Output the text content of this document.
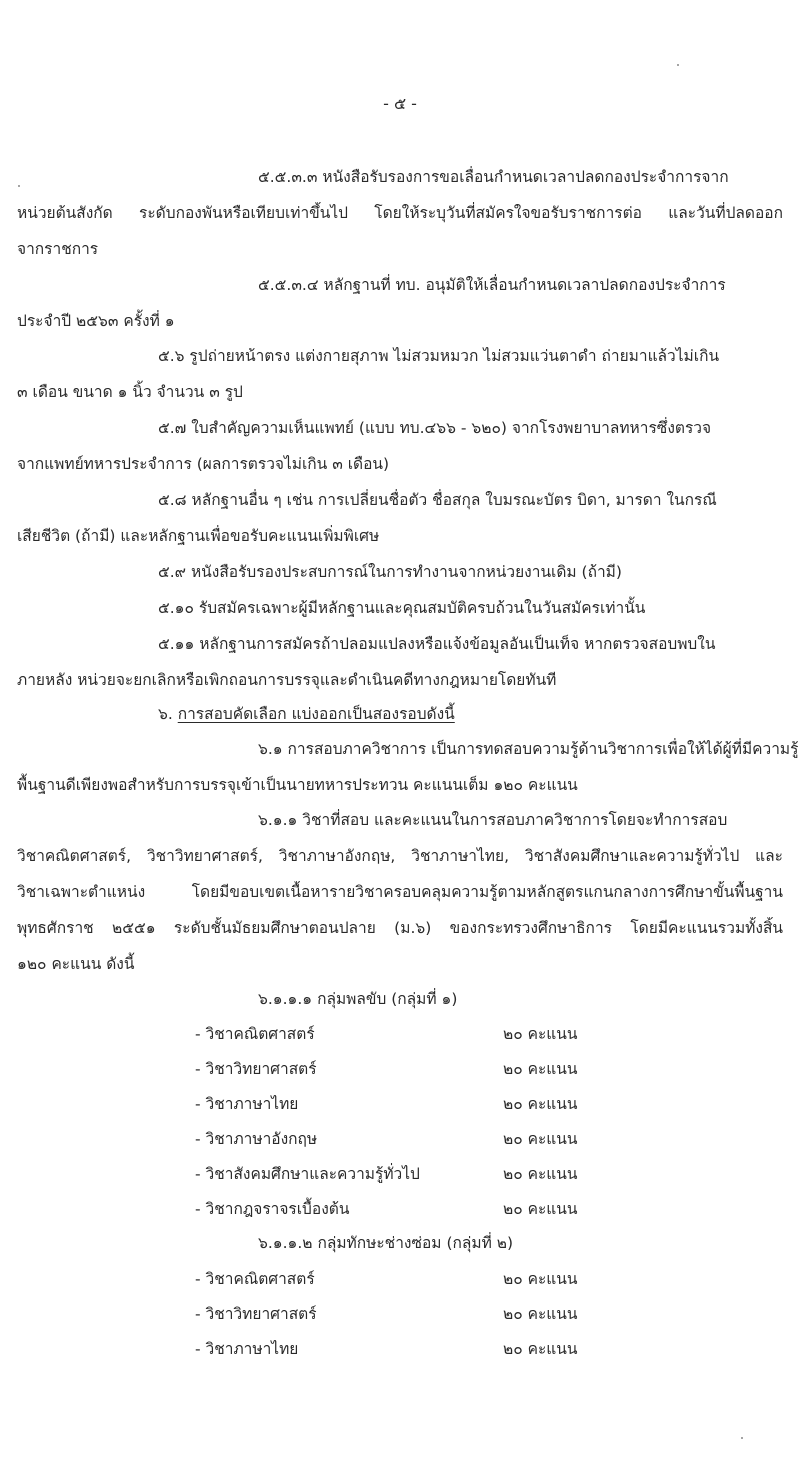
- ๕ -
๕.๕.๓.๓ หนังสือรับรองการขอเลื่อนกำหนดเวลาปลดกองประจำการจาก
หน่วยต้นสังกัด ระดับกองพันหรือเทียบเท่าขึ้นไป โดยให้ระบุวันที่สมัครใจขอรับราชการต่อ และวันที่ปลดออก
จากราชการ
๕.๕.๓.๔ หลักฐานที่ ทบ. อนุมัติให้เลื่อนกำหนดเวลาปลดกองประจำการ
ประจำปี ๒๕๖๓ ครั้งที่ ๑
๕.๖ รูปถ่ายหน้าตรง แต่งกายสุภาพ ไม่สวมหมวก ไม่สวมแว่นตาดำ ถ่ายมาแล้วไม่เกิน
๓ เดือน ขนาด ๑ นิ้ว จำนวน ๓ รูป
๕.๗ ใบสำคัญความเห็นแพทย์ (แบบ ทบ.๔๖๖ - ๖๒๐) จากโรงพยาบาลทหารซึ่งตรวจ
จากแพทย์ทหารประจำการ (ผลการตรวจไม่เกิน ๓ เดือน)
๕.๘ หลักฐานอื่น ๆ เช่น การเปลี่ยนชื่อตัว ชื่อสกุล ใบมรณะบัตร บิดา, มารดา ในกรณี
เสียชีวิต (ถ้ามี) และหลักฐานเพื่อขอรับคะแนนเพิ่มพิเศษ
๕.๙ หนังสือรับรองประสบการณ์ในการทำงานจากหน่วยงานเดิม (ถ้ามี)
๕.๑๐ รับสมัครเฉพาะผู้มีหลักฐานและคุณสมบัติครบถ้วนในวันสมัครเท่านั้น
๕.๑๑ หลักฐานการสมัครถ้าปลอมแปลงหรือแจ้งข้อมูลอันเป็นเท็จ หากตรวจสอบพบใน
ภายหลัง หน่วยจะยกเลิกหรือเพิกถอนการบรรจุและดำเนินคดีทางกฎหมายโดยทันที
๖. การสอบคัดเลือก แบ่งออกเป็นสองรอบดังนี้
๖.๑ การสอบภาควิชาการ เป็นการทดสอบความรู้ด้านวิชาการเพื่อให้ได้ผู้ที่มีความรู้
พื้นฐานดีเพียงพอสำหรับการบรรจุเข้าเป็นนายทหารประทวน คะแนนเต็ม ๑๒๐ คะแนน
๖.๑.๑ วิชาที่สอบ และคะแนนในการสอบภาควิชาการโดยจะทำการสอบ
วิชาคณิตศาสตร์, วิชาวิทยาศาสตร์, วิชาภาษาอังกฤษ, วิชาภาษาไทย, วิชาสังคมศึกษาและความรู้ทั่วไป และ
วิชาเฉพาะตำแหน่ง โดยมีขอบเขตเนื้อหารายวิชาครอบคลุมความรู้ตามหลักสูตรแกนกลางการศึกษาขั้นพื้นฐาน
พุทธศักราช ๒๕๕๑ ระดับชั้นมัธยมศึกษาตอนปลาย (ม.๖) ของกระทรวงศึกษาธิการ โดยมีคะแนนรวมทั้งสิ้น
๑๒๐ คะแนน ดังนี้
๖.๑.๑.๑ กลุ่มพลขับ (กลุ่มที่ ๑)
- วิชาคณิตศาสตร์	๒๐ คะแนน
- วิชาวิทยาศาสตร์	๒๐ คะแนน
- วิชาภาษาไทย	๒๐ คะแนน
- วิชาภาษาอังกฤษ	๒๐ คะแนน
- วิชาสังคมศึกษาและความรู้ทั่วไป	๒๐ คะแนน
- วิชากฎจราจรเบื้องต้น	๒๐ คะแนน
๖.๑.๑.๒ กลุ่มทักษะช่างซ่อม (กลุ่มที่ ๒)
- วิชาคณิตศาสตร์	๒๐ คะแนน
- วิชาวิทยาศาสตร์	๒๐ คะแนน
- วิชาภาษาไทย	๒๐ คะแนน
